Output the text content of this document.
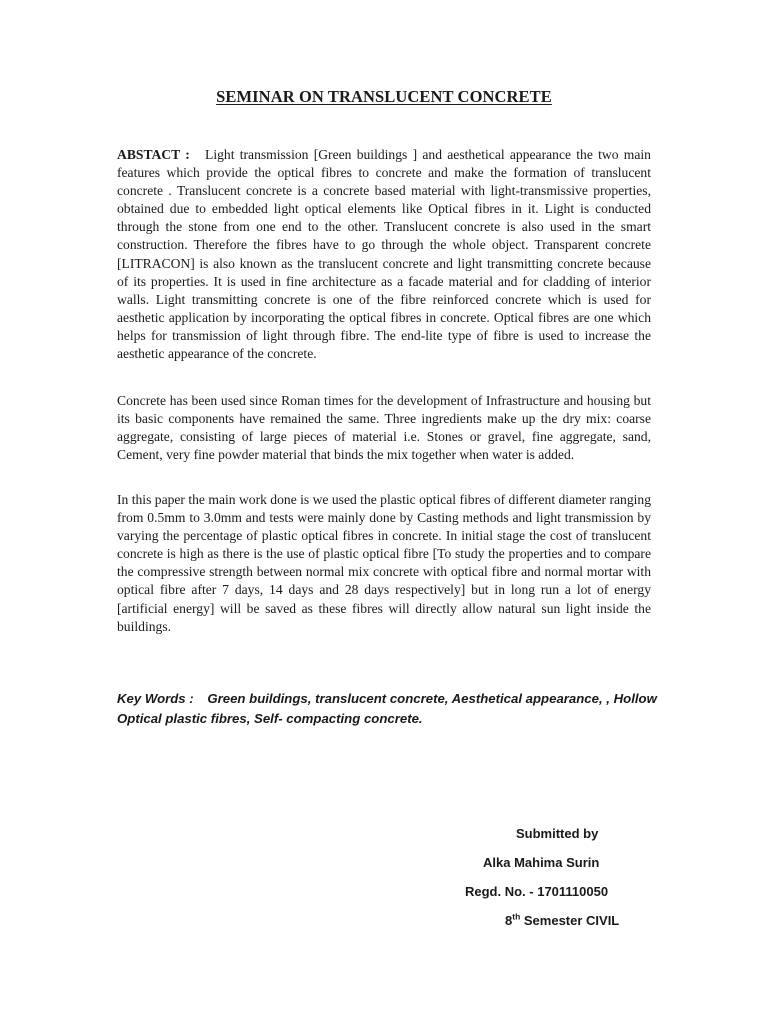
SEMINAR ON TRANSLUCENT CONCRETE
ABSTACT : Light transmission [Green buildings ] and aesthetical appearance the two main features which provide the optical fibres to concrete and make the formation of translucent concrete . Translucent concrete is a concrete based material with light-transmissive properties, obtained due to embedded light optical elements like Optical fibres in it. Light is conducted through the stone from one end to the other. Translucent concrete is also used in the smart construction. Therefore the fibres have to go through the whole object. Transparent concrete [LITRACON] is also known as the translucent concrete and light transmitting concrete because of its properties. It is used in fine architecture as a facade material and for cladding of interior walls. Light transmitting concrete is one of the fibre reinforced concrete which is used for aesthetic application by incorporating the optical fibres in concrete. Optical fibres are one which helps for transmission of light through fibre. The end-lite type of fibre is used to increase the aesthetic appearance of the concrete.
Concrete has been used since Roman times for the development of Infrastructure and housing but its basic components have remained the same. Three ingredients make up the dry mix: coarse aggregate, consisting of large pieces of material i.e. Stones or gravel, fine aggregate, sand, Cement, very fine powder material that binds the mix together when water is added.
In this paper the main work done is we used the plastic optical fibres of different diameter ranging from 0.5mm to 3.0mm and tests were mainly done by Casting methods and light transmission by varying the percentage of plastic optical fibres in concrete. In initial stage the cost of translucent concrete is high as there is the use of plastic optical fibre [To study the properties and to compare the compressive strength between normal mix concrete with optical fibre and normal mortar with optical fibre after 7 days, 14 days and 28 days respectively] but in long run a lot of energy [artificial energy] will be saved as these fibres will directly allow natural sun light inside the buildings.
Key Words : Green buildings, translucent concrete, Aesthetical appearance, , Hollow Optical plastic fibres, Self- compacting concrete.
Submitted by
Alka Mahima Surin
Regd. No. - 1701110050
8th Semester CIVIL
